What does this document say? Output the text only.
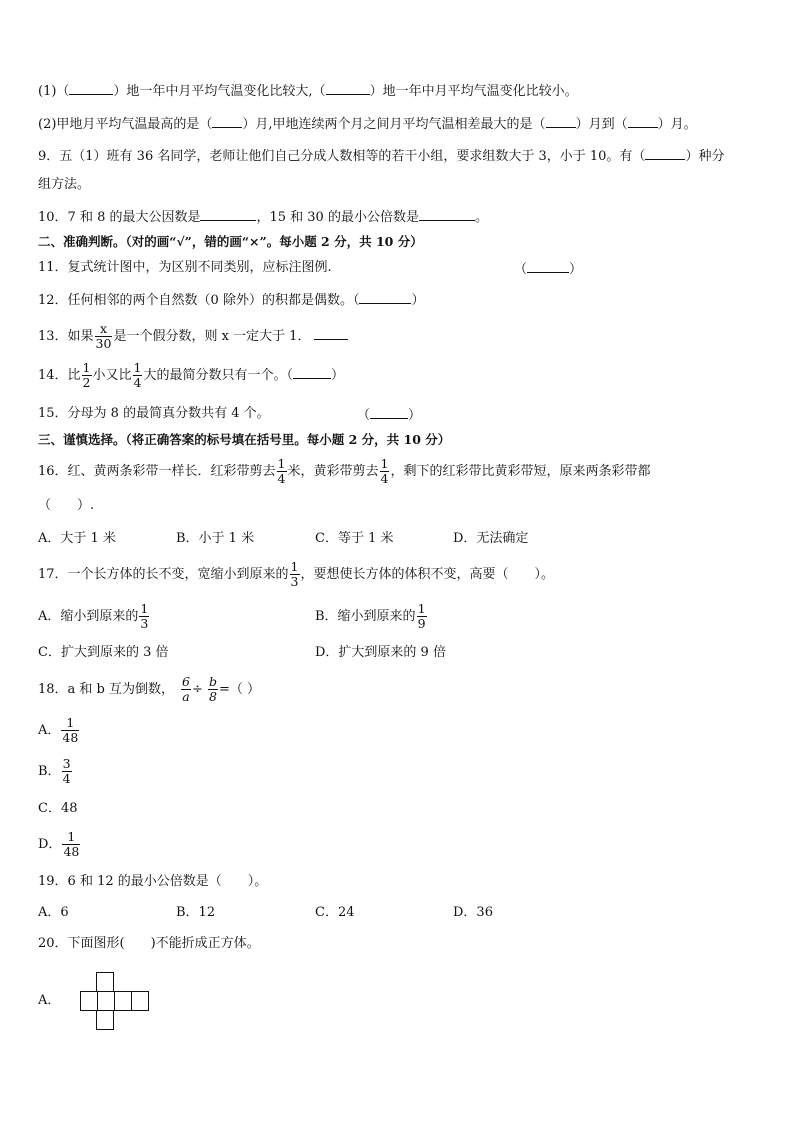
(1)（	）地一年中月平均气温变化比较大,（	）地一年中月平均气温变化比较小。
(2)甲地月平均气温最高的是（ ）月,甲地连续两个月之间月平均气温相差最大的是（ ）月到（ ）月。
9．五（1）班有 36 名同学，老师让他们自己分成人数相等的若干小组，要求组数大于 3，小于 10。有（	）种分
组方法。
10．7 和 8 的最大公因数是	，15 和 30 的最小公倍数是	。
二、准确判断。（对的画“√”，错的画“×”。每小题 2 分，共 10 分）
11．复式统计图中，为区别不同类别，应标注图例.	（	）
12．任何相邻的两个自然数（0 除外）的积都是偶数。（	）
13．如果 $\frac{x}{30}$ 是一个假分数，则 x 一定大于 1．
14．比 $\frac{1}{2}$ 小又比 $\frac{1}{4}$ 大的最简分数只有一个。（	）
15．分母为 8 的最简真分数共有 4 个。	（	）
三、谨慎选择。（将正确答案的标号填在括号里。每小题 2 分，共 10 分）
16．红、黄两条彩带一样长．红彩带剪去 $\frac{1}{4}$ 米，黄彩带剪去 $\frac{1}{4}$ ，剩下的红彩带比黄彩带短，原来两条彩带都
（　　）.
A．大于 1 米	B．小于 1 米	C．等于 1 米	D．无法确定
17．一个长方体的长不变，宽缩小到原来的 $\frac{1}{3}$ ，要想使长方体的体积不变，高要（　　）。
A．缩小到原来的 $\frac{1}{3}$	B．缩小到原来的 $\frac{1}{9}$
C．扩大到原来的 3 倍	D．扩大到原来的 9 倍
18．a 和 b 互为倒数， $\frac{6}{a} \div \frac{b}{8}$ =（ ）
A． $\frac{1}{48}$
B． $\frac{3}{4}$
C．48
D． $\frac{1}{48}$
19．6 和 12 的最小公倍数是（　　）。
A．6	B．12	C．24	D．36
20．下面图形(　　)不能折成正方体。
A．
